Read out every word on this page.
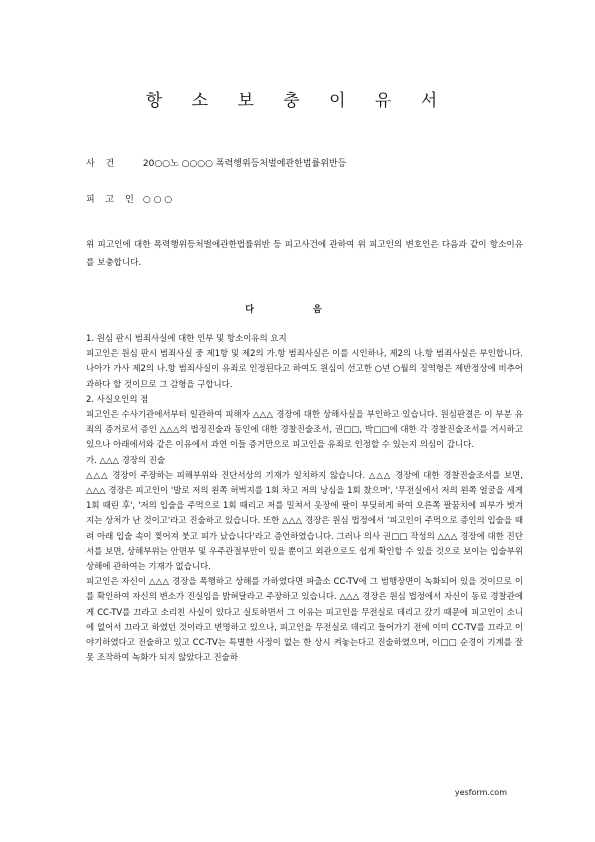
항 소 보 충 이 유 서
사 건	20○○노 ○○○○ 폭력행위등처벌에관한법률위반등
피 고 인 ○ ○ ○
위 피고인에 대한 폭력행위등처벌에관한법률위반 등 피고사건에 관하여 위 피고인의 변호인은 다음과 같이 항소이유를 보충합니다.
다 음

1. 원심 판시 범죄사실에 대한 인부 및 항소이유의 요지

피고인은 원심 판시 범죄사실 중 제1항 및 제2의 가.항 범죄사실은 이를 시인하나, 제2의 나.항 범죄사실은 부인합니다. 나아가 가사 제2의 나.항 범죄사실이 유죄로 인정된다고 하여도 원심이 선고한 ○년 ○월의 징역형은 제반정상에 비추어 과하다 할 것이므로 그 감형을 구합니다.

2. 사실오인의 점

피고인은 수사기관에서부터 일관하여 피해자 △△△ 경장에 대한 상해사실을 부인하고 있습니다. 원심판결은 이 부분 유죄의 증거로서 증인 △△△의 법정진술과 동인에 대한 경찰진술조서, 권□□, 박□□에 대한 각 경찰진술조서를 거시하고 있으나 아래에서와 같은 이유에서 과연 이들 증거만으로 피고인을 유죄로 인정할 수 있는지 의심이 갑니다.

가. △△△ 경장의 진술

△△△ 경장이 주장하는 피해부위와 진단서상의 기재가 일치하지 않습니다. △△△ 경장에 대한 경찰진술조서를 보면, △△△ 경장은 피고인이 '발로 저의 왼쪽 허벅지를 1회 차고 저의 낭심을 1회 찼으며', '무전실에서 저의 왼쪽 얼굴을 세게 1회 때린 후', '저의 입술을 주먹으로 1회 때리고 저를 밀쳐서 옷장에 팔이 부딪히게 하여 오른쪽 팔꿈치에 피부가 벗겨지는 상처가 난 것이고'라고 진술하고 있습니다. 또한 △△△ 경장은 원심 법정에서 '피고인이 주먹으로 증인의 입술을 때려 아래 입술 속이 찢어져 붓고 피가 났습니다'라고 증언하였습니다. 그러나 의사 권□□ 작성의 △△△ 경장에 대한 진단서를 보면, 상해부위는 안면부 및 우주관절부만이 있을 뿐이고 외관으로도 쉽게 확인할 수 있을 것으로 보이는 입술부위 상해에 관하여는 기재가 없습니다.

피고인은 자신이 △△△ 경장을 폭행하고 상해를 가하였다면 파출소 CC-TV에 그 범행장면이 녹화되어 있을 것이므로 이를 확인하여 자신의 변소가 진실임을 밝혀달라고 주장하고 있습니다. △△△ 경장은 원심 법정에서 자신이 동료 경찰관에게 CC-TV를 끄라고 소리친 사실이 있다고 실토하면서 그 이유는 피고인을 무전실로 데리고 갔기 때문에 피고인이 소니에 없어서 끄라고 하였던 것이라고 변명하고 있으나, 피고인을 무전실로 데리고 들어가기 전에 이미 CC-TV를 끄라고 이야기하였다고 진술하고 있고 CC-TV는 특별한 사정이 없는 한 상시 켜놓는다고 진술하였으며, 이□□ 순경이 기계를 잘못 조작하여 녹화가 되지 않았다고 진술하

yesform.com
